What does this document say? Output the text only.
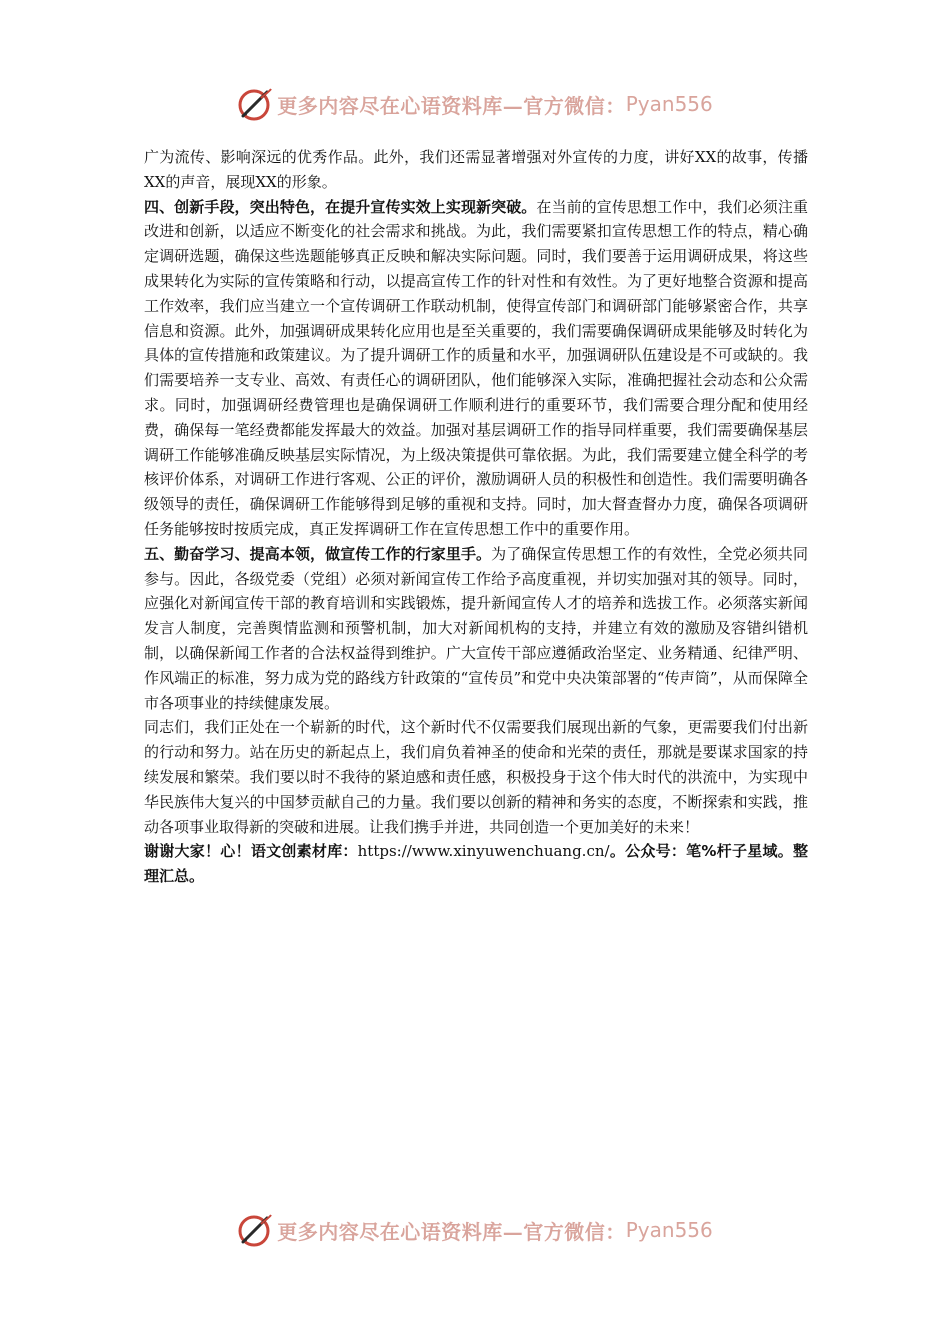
更多内容尽在心语资料库—官方微信： Pyan556

广为流传、影响深远的优秀作品。此外，我们还需显著增强对外宣传的力度，讲好XX的故事，传播XX的声音，展现XX的形象。

四、创新手段，突出特色，在提升宣传实效上实现新突破。在当前的宣传思想工作中，我们必须注重改进和创新，以适应不断变化的社会需求和挑战。为此，我们需要紧扣宣传思想工作的特点，精心确定调研选题，确保这些选题能够真正反映和解决实际问题。同时，我们要善于运用调研成果，将这些成果转化为实际的宣传策略和行动，以提高宣传工作的针对性和有效性。为了更好地整合资源和提高工作效率，我们应当建立一个宣传调研工作联动机制，使得宣传部门和调研部门能够紧密合作，共享信息和资源。此外，加强调研成果转化应用也是至关重要的，我们需要确保调研成果能够及时转化为具体的宣传措施和政策建议。为了提升调研工作的质量和水平，加强调研队伍建设是不可或缺的。我们需要培养一支专业、高效、有责任心的调研团队，他们能够深入实际，准确把握社会动态和公众需求。同时，加强调研经费管理也是确保调研工作顺利进行的重要环节，我们需要合理分配和使用经费，确保每一笔经费都能发挥最大的效益。加强对基层调研工作的指导同样重要，我们需要确保基层调研工作能够准确反映基层实际情况，为上级决策提供可靠依据。为此，我们需要建立健全科学的考核评价体系，对调研工作进行客观、公正的评价，激励调研人员的积极性和创造性。我们需要明确各级领导的责任，确保调研工作能够得到足够的重视和支持。同时，加大督查督办力度，确保各项调研任务能够按时按质完成，真正发挥调研工作在宣传思想工作中的重要作用。

五、勤奋学习、提高本领，做宣传工作的行家里手。为了确保宣传思想工作的有效性，全党必须共同参与。因此，各级党委（党组）必须对新闻宣传工作给予高度重视，并切实加强对其的领导。同时，应强化对新闻宣传干部的教育培训和实践锻炼，提升新闻宣传人才的培养和选拔工作。必须落实新闻发言人制度，完善舆情监测和预警机制，加大对新闻机构的支持，并建立有效的激励及容错纠错机制，以确保新闻工作者的合法权益得到维护。广大宣传干部应遵循政治坚定、业务精通、纪律严明、作风端正的标准，努力成为党的路线方针政策的“宣传员”和党中央决策部署的“传声筒”，从而保障全市各项事业的持续健康发展。

同志们，我们正处在一个崭新的时代，这个新时代不仅需要我们展现出新的气象，更需要我们付出新的行动和努力。站在历史的新起点上，我们肩负着神圣的使命和光荣的责任，那就是要谋求国家的持续发展和繁荣。我们要以时不我待的紧迫感和责任感，积极投身于这个伟大时代的洪流中，为实现中华民族伟大复兴的中国梦贡献自己的力量。我们要以创新的精神和务实的态度，不断探索和实践，推动各项事业取得新的突破和进展。让我们携手并进，共同创造一个更加美好的未来！

谢谢大家！心！语文创素材库：https://www.xinyuwenchuang.cn/。公众号：笔%杆子星域。整理汇总。

更多内容尽在心语资料库—官方微信： Pyan556
